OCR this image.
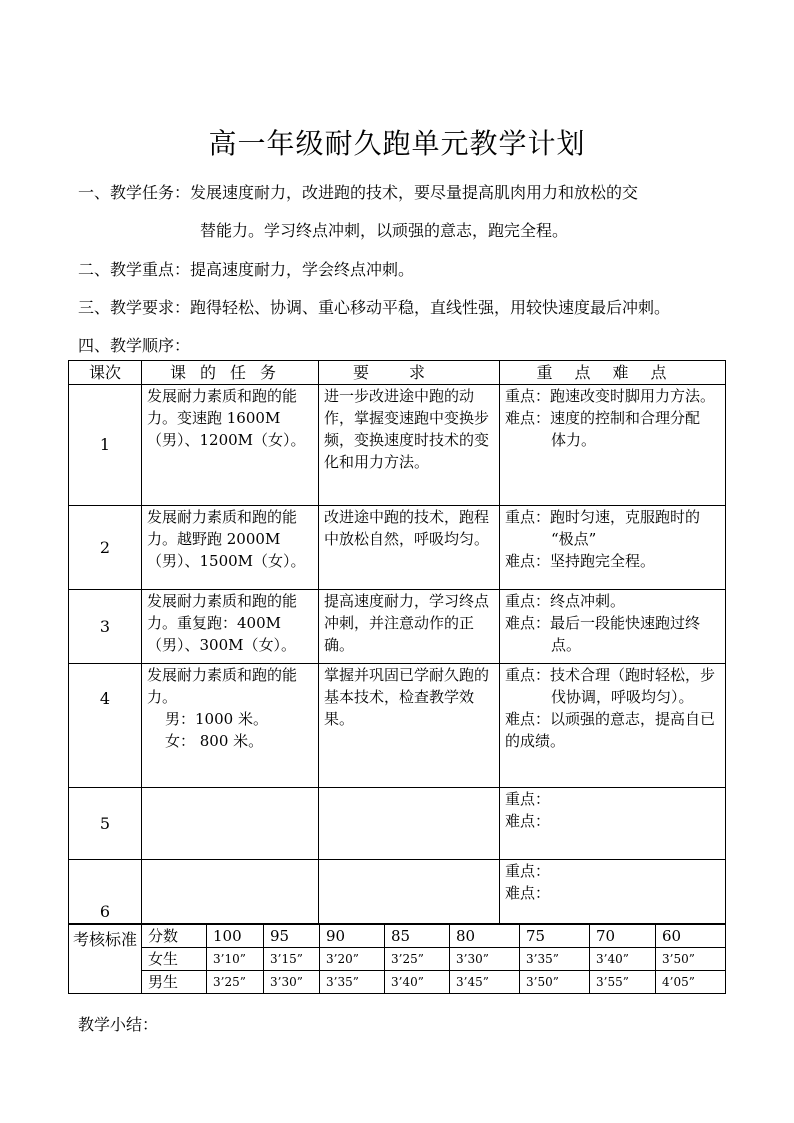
高一年级耐久跑单元教学计划
一、教学任务：发展速度耐力，改进跑的技术，要尽量提高肌肉用力和放松的交
替能力。学习终点冲刺，以顽强的意志，跑完全程。
二、教学重点：提高速度耐力，学会终点冲刺。
三、教学要求：跑得轻松、协调、重心移动平稳，直线性强，用较快速度最后冲刺。
四、教学顺序：
课次	课的任务	要求	重点难点
1	发展耐力素质和跑的能力。变速跑 1600M（男）、1200M（女）。	进一步改进途中跑的动作，掌握变速跑中变换步频，变换速度时技术的变化和用力方法。	重点：跑速改变时脚用力方法。
难点：速度的控制和合理分配
体力。

2	发展耐力素质和跑的能力。越野跑 2000M（男）、1500M（女）。	改进途中跑的技术，跑程中放松自然，呼吸均匀。	重点：跑时匀速，克服跑时的
“极点”
难点：坚持跑完全程。

3	发展耐力素质和跑的能力。重复跑：400M（男）、300M（女）。	提高速度耐力，学习终点冲刺，并注意动作的正确。	重点：终点冲刺。
难点：最后一段能快速跑过终
点。

4	发展耐力素质和跑的能力。
男：1000 米。
女： 800 米。	掌握并巩固已学耐久跑的基本技术，检查教学效果。	重点：技术合理（跑时轻松，步
伐协调，呼吸均匀）。
难点：以顽强的意志，提高自已的成绩。

5			重点：
难点：

6			重点：
难点：
考核标准	分数	100	95	90	85	80	75	70	60
	女生	3’10”	3’15”	3’20”	3’25”	3’30”	3’35”	3’40”	3’50”
	男生	3’25”	3’30”	3’35”	3’40”	3’45”	3’50”	3’55”	4’05”
教学小结：
